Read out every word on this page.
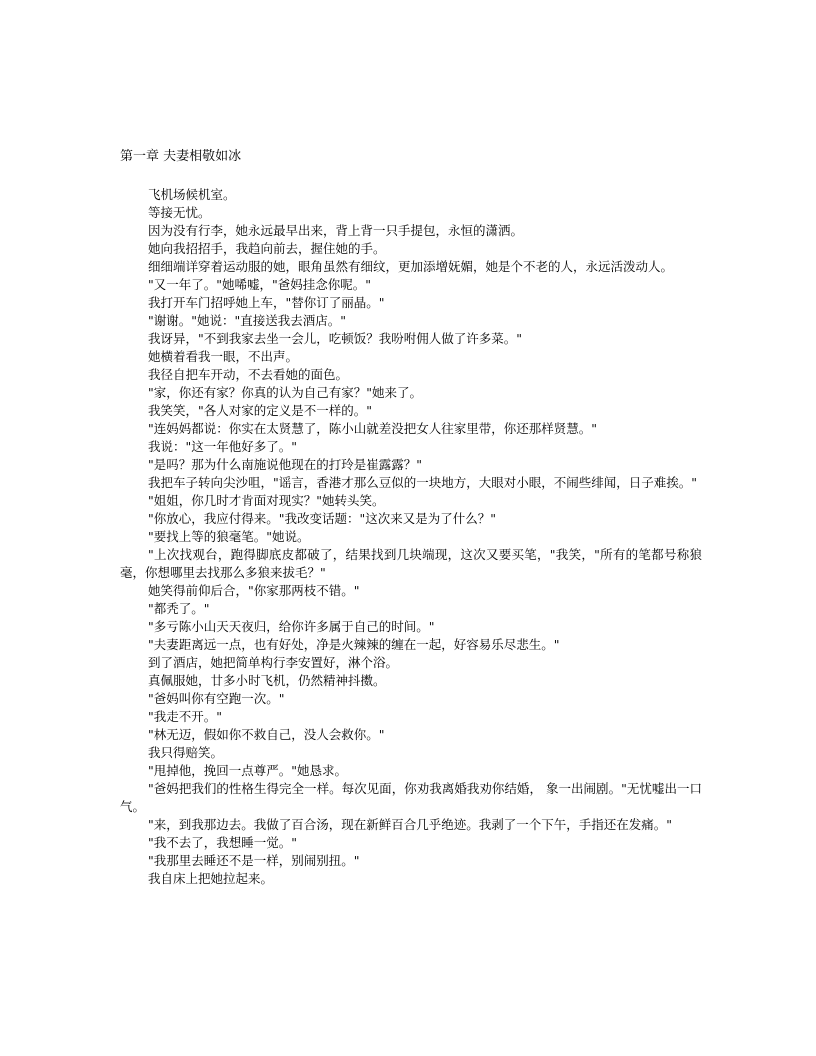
第一章 夫妻相敬如冰

飞机场候机室。

等接无忧。

因为没有行李，她永远最早出来，背上背一只手提包，永恒的潇洒。

她向我招招手，我趋向前去，握住她的手。

细细端详穿着运动服的她，眼角虽然有细纹，更加添增妩媚，她是个不老的人，永远活泼动人。

"又一年了。"她唏嘘，"爸妈挂念你呢。"

我打开车门招呼她上车，"替你订了丽晶。"

"谢谢。"她说："直接送我去酒店。"

我讶异，"不到我家去坐一会儿，吃顿饭？我吩咐佣人做了许多菜。"

她横着看我一眼，不出声。

我径自把车开动，不去看她的面色。

"家，你还有家？你真的认为自己有家？"她来了。

我笑笑，"各人对家的定义是不一样的。"

"连妈妈都说：你实在太贤慧了，陈小山就差没把女人往家里带，你还那样贤慧。"

我说："这一年他好多了。"

"是吗？那为什么南施说他现在的打玲是崔露露？"

我把车子转向尖沙咀，"谣言，香港才那么豆似的一块地方，大眼对小眼，不闹些绯闻，日子难挨。"

"姐姐，你几时才肯面对现实？"她转头笑。

"你放心，我应付得来。"我改变话题："这次来又是为了什么？"

"要找上等的狼毫笔。"她说。

"上次找观台，跑得脚底皮都破了，结果找到几块端现，这次又要买笔，"我笑，"所有的笔都号称狼毫，你想哪里去找那么多狼来拔毛？"

她笑得前仰后合，"你家那两枝不错。"

"都秃了。"

"多亏陈小山天天夜归，给你许多属于自己的时间。"

"夫妻距离远一点，也有好处，净是火辣辣的缠在一起，好容易乐尽悲生。"

到了酒店，她把简单构行李安置好，淋个浴。

真佩服她，廿多小时飞机，仍然精神抖擞。

"爸妈叫你有空跑一次。"

"我走不开。"

"林无迈，假如你不救自己，没人会救你。"

我只得赔笑。

"甩掉他，挽回一点尊严。"她恳求。

"爸妈把我们的性格生得完全一样。每次见面，你劝我离婚我劝你结婚， 象一出闹剧。"无忧嘘出一口气。

"来，到我那边去。我做了百合汤，现在新鲜百合几乎绝迹。我剥了一个下午，手指还在发痛。"

"我不去了，我想睡一觉。"

"我那里去睡还不是一样，别闹别扭。"

我自床上把她拉起来。
